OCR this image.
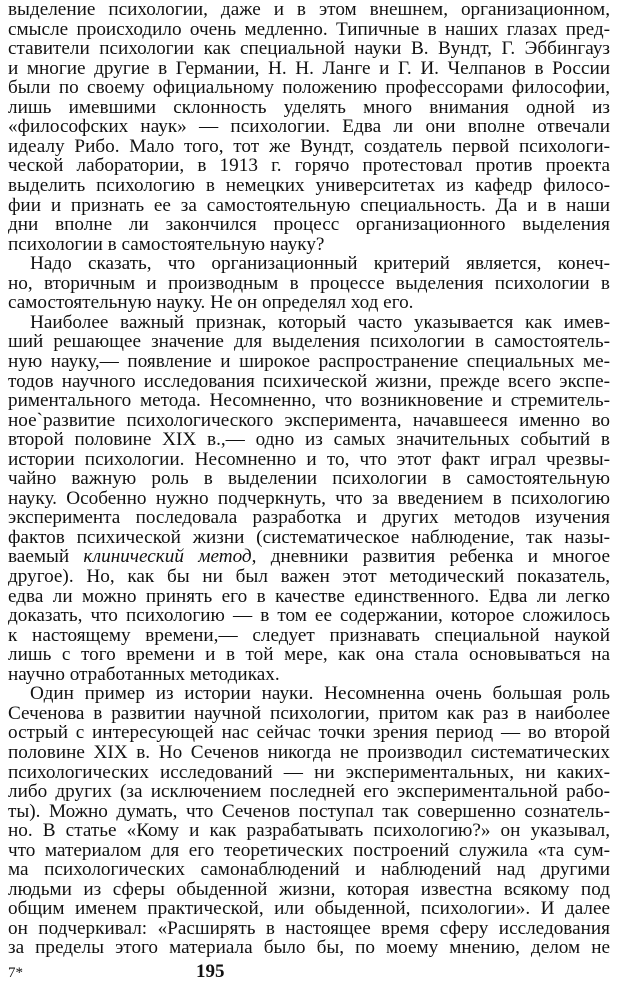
выделение психологии, даже и в этом внешнем, организационном,
смысле происходило очень медленно. Типичные в наших глазах пред-
ставители психологии как специальной науки В. Вундт, Г. Эббингауз
и многие другие в Германии, Н. Н. Ланге и Г. И. Челпанов в России
были по своему официальному положению профессорами философии,
лишь имевшими склонность уделять много внимания одной из
«философских наук» — психологии. Едва ли они вполне отвечали
идеалу Рибо. Мало того, тот же Вундт, создатель первой психологи-
ческой лаборатории, в 1913 г. горячо протестовал против проекта
выделить психологию в немецких университетах из кафедр филосо-
фии и признать ее за самостоятельную специальность. Да и в наши
дни вполне ли закончился процесс организационного выделения
психологии в самостоятельную науку?
Надо сказать, что организационный критерий является, конеч-
но, вторичным и производным в процессе выделения психологии в
самостоятельную науку. Не он определял ход его.
Наиболее важный признак, который часто указывается как имев-
ший решающее значение для выделения психологии в самостоятель-
ную науку,— появление и широкое распространение специальных ме-
тодов научного исследования психической жизни, прежде всего экспе-
риментального метода. Несомненно, что возникновение и стремитель-
ное`развитие психологического эксперимента, начавшееся именно во
второй половине XIX в.,— одно из самых значительных событий в
истории психологии. Несомненно и то, что этот факт играл чрезвы-
чайно важную роль в выделении психологии в самостоятельную
науку. Особенно нужно подчеркнуть, что за введением в психологию
эксперимента последовала разработка и других методов изучения
фактов психической жизни (систематическое наблюдение, так назы-
ваемый клинический метод, дневники развития ребенка и многое
другое). Но, как бы ни был важен этот методический показатель,
едва ли можно принять его в качестве единственного. Едва ли легко
доказать, что психологию — в том ее содержании, которое сложилось
к настоящему времени,— следует признавать специальной наукой
лишь с того времени и в той мере, как она стала основываться на
научно отработанных методиках.
Один пример из истории науки. Несомненна очень большая роль
Сеченова в развитии научной психологии, притом как раз в наиболее
острый с интересующей нас сейчас точки зрения период — во второй
половине XIX в. Но Сеченов никогда не производил систематических
психологических исследований — ни экспериментальных, ни каких-
либо других (за исключением последней его экспериментальной рабо-
ты). Можно думать, что Сеченов поступал так совершенно сознатель-
но. В статье «Кому и как разрабатывать психологию?» он указывал,
что материалом для его теоретических построений служила «та сум-
ма психологических самонаблюдений и наблюдений над другими
людьми из сферы обыденной жизни, которая известна всякому под
общим именем практической, или обыденной, психологии». И далее
он подчеркивал: «Расширять в настоящее время сферу исследования
за пределы этого материала было бы, по моему мнению, делом не
7*	195
